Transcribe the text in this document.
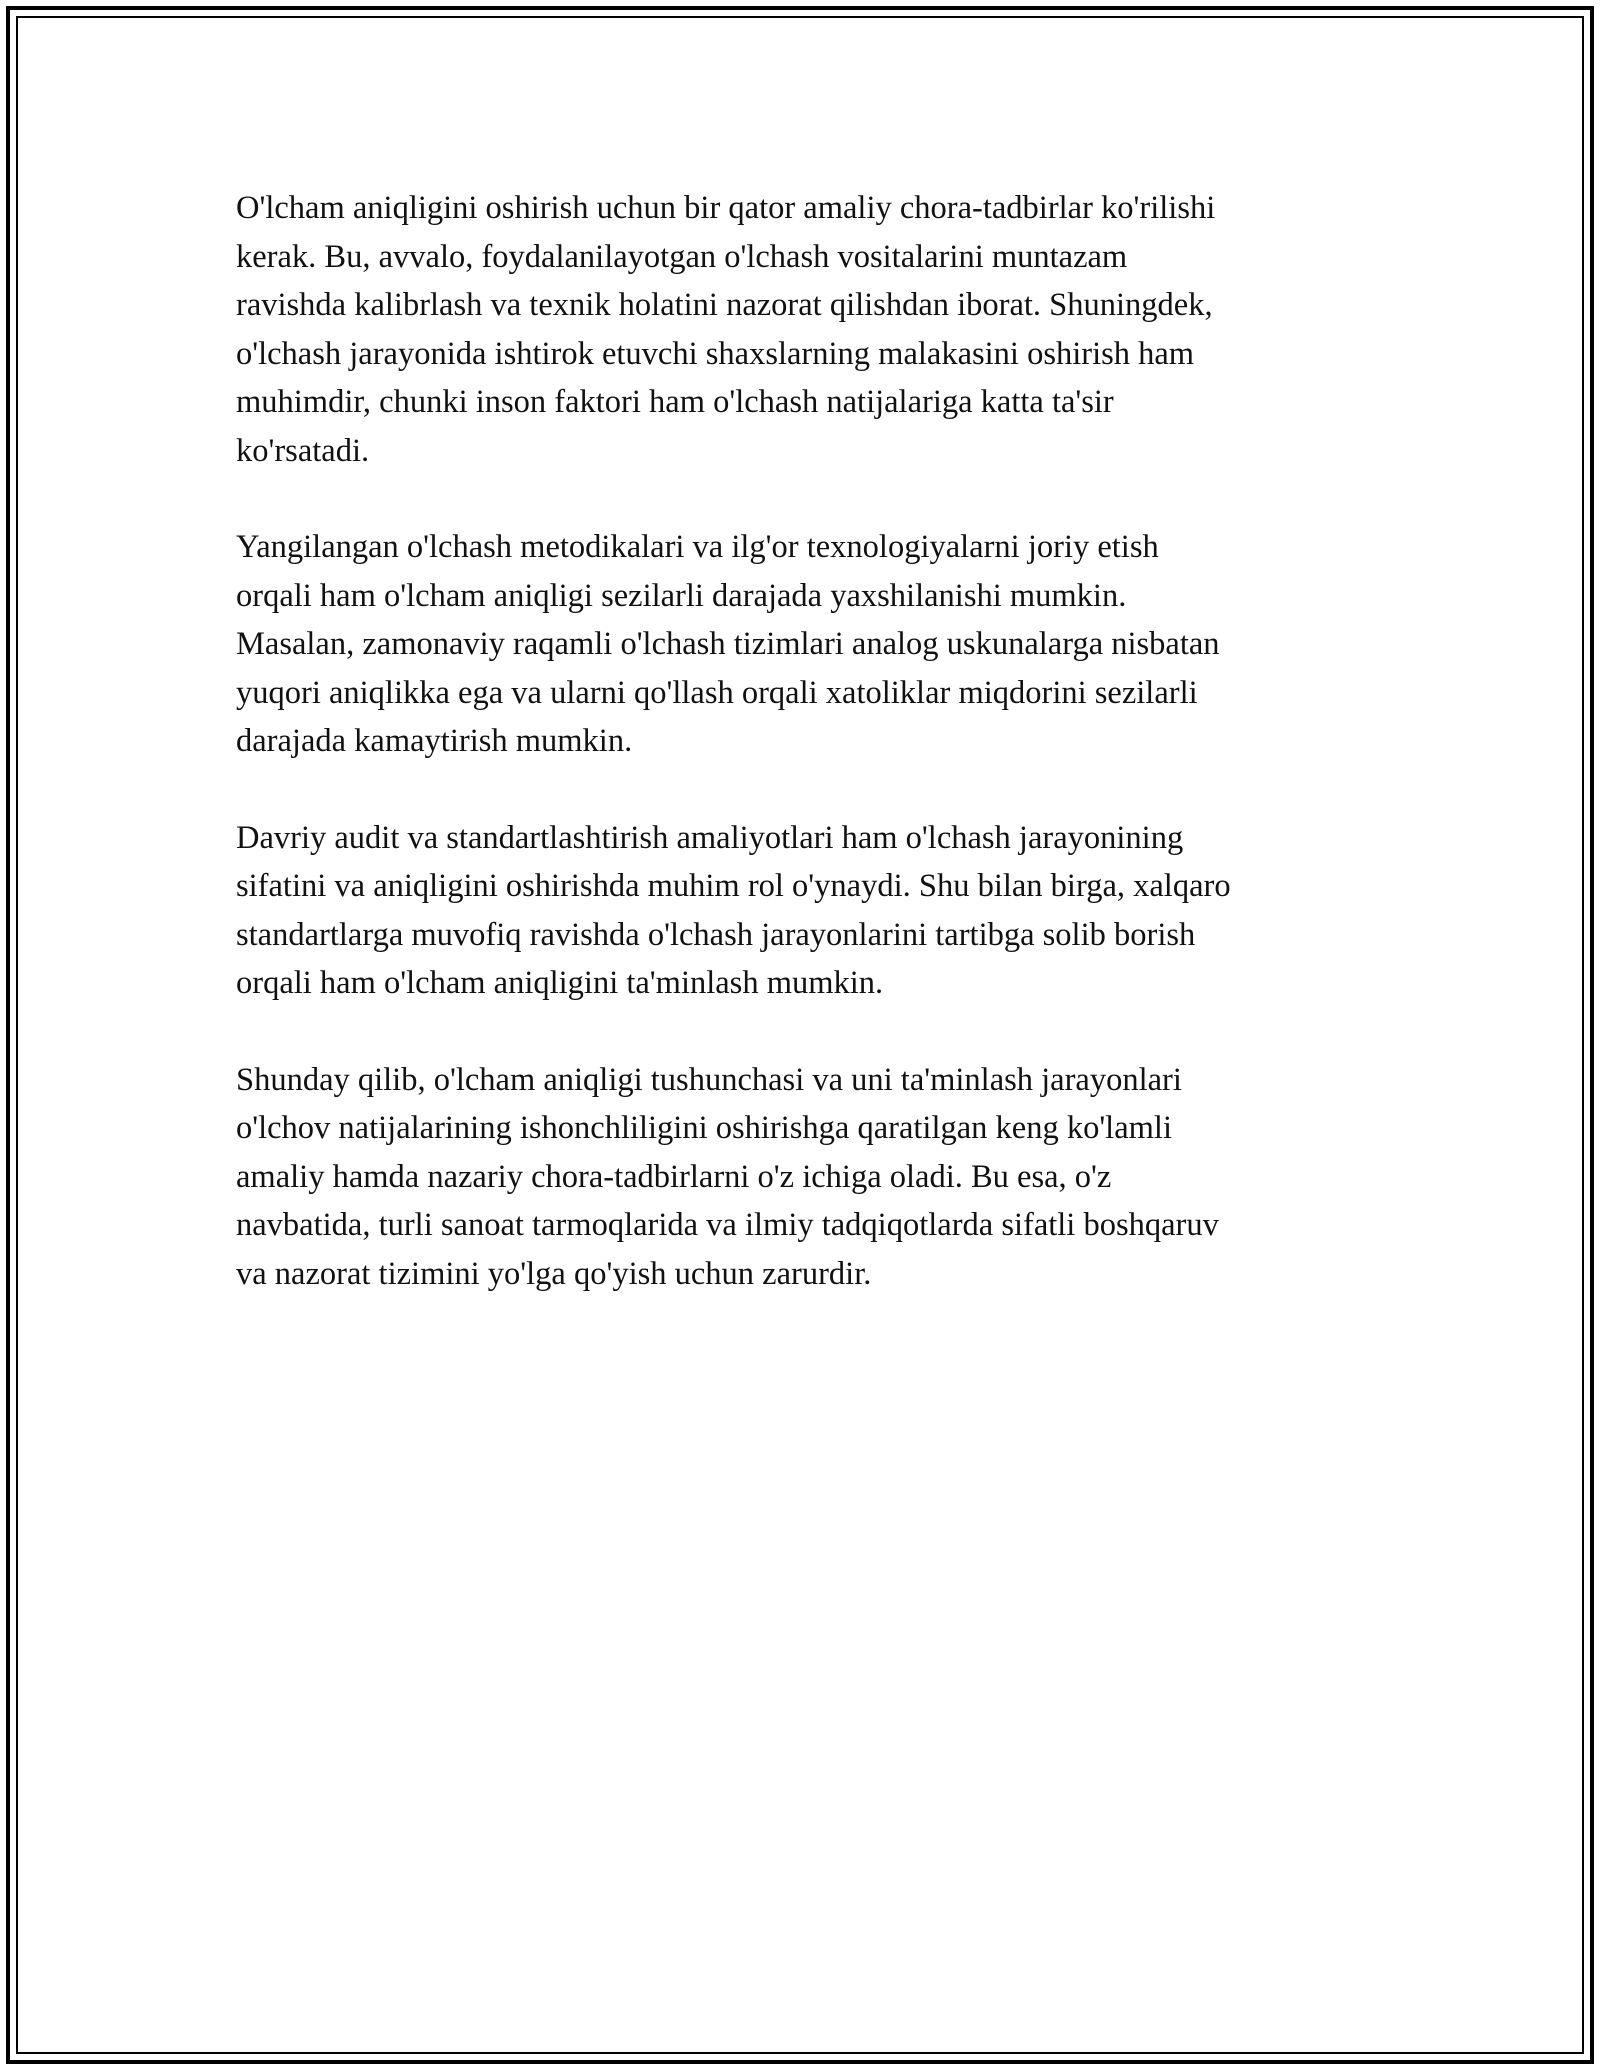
O'lcham aniqligini oshirish uchun bir qator amaliy chora-tadbirlar ko'rilishi
kerak. Bu, avvalo, foydalanilayotgan o'lchash vositalarini muntazam
ravishda kalibrlash va texnik holatini nazorat qilishdan iborat. Shuningdek,
o'lchash jarayonida ishtirok etuvchi shaxslarning malakasini oshirish ham
muhimdir, chunki inson faktori ham o'lchash natijalariga katta ta'sir
ko'rsatadi.

Yangilangan o'lchash metodikalari va ilg'or texnologiyalarni joriy etish
orqali ham o'lcham aniqligi sezilarli darajada yaxshilanishi mumkin.
Masalan, zamonaviy raqamli o'lchash tizimlari analog uskunalarga nisbatan
yuqori aniqlikka ega va ularni qo'llash orqali xatoliklar miqdorini sezilarli
darajada kamaytirish mumkin.

Davriy audit va standartlashtirish amaliyotlari ham o'lchash jarayonining
sifatini va aniqligini oshirishda muhim rol o'ynaydi. Shu bilan birga, xalqaro
standartlarga muvofiq ravishda o'lchash jarayonlarini tartibga solib borish
orqali ham o'lcham aniqligini ta'minlash mumkin.

Shunday qilib, o'lcham aniqligi tushunchasi va uni ta'minlash jarayonlari
o'lchov natijalarining ishonchliligini oshirishga qaratilgan keng ko'lamli
amaliy hamda nazariy chora-tadbirlarni o'z ichiga oladi. Bu esa, o'z
navbatida, turli sanoat tarmoqlarida va ilmiy tadqiqotlarda sifatli boshqaruv
va nazorat tizimini yo'lga qo'yish uchun zarurdir.
